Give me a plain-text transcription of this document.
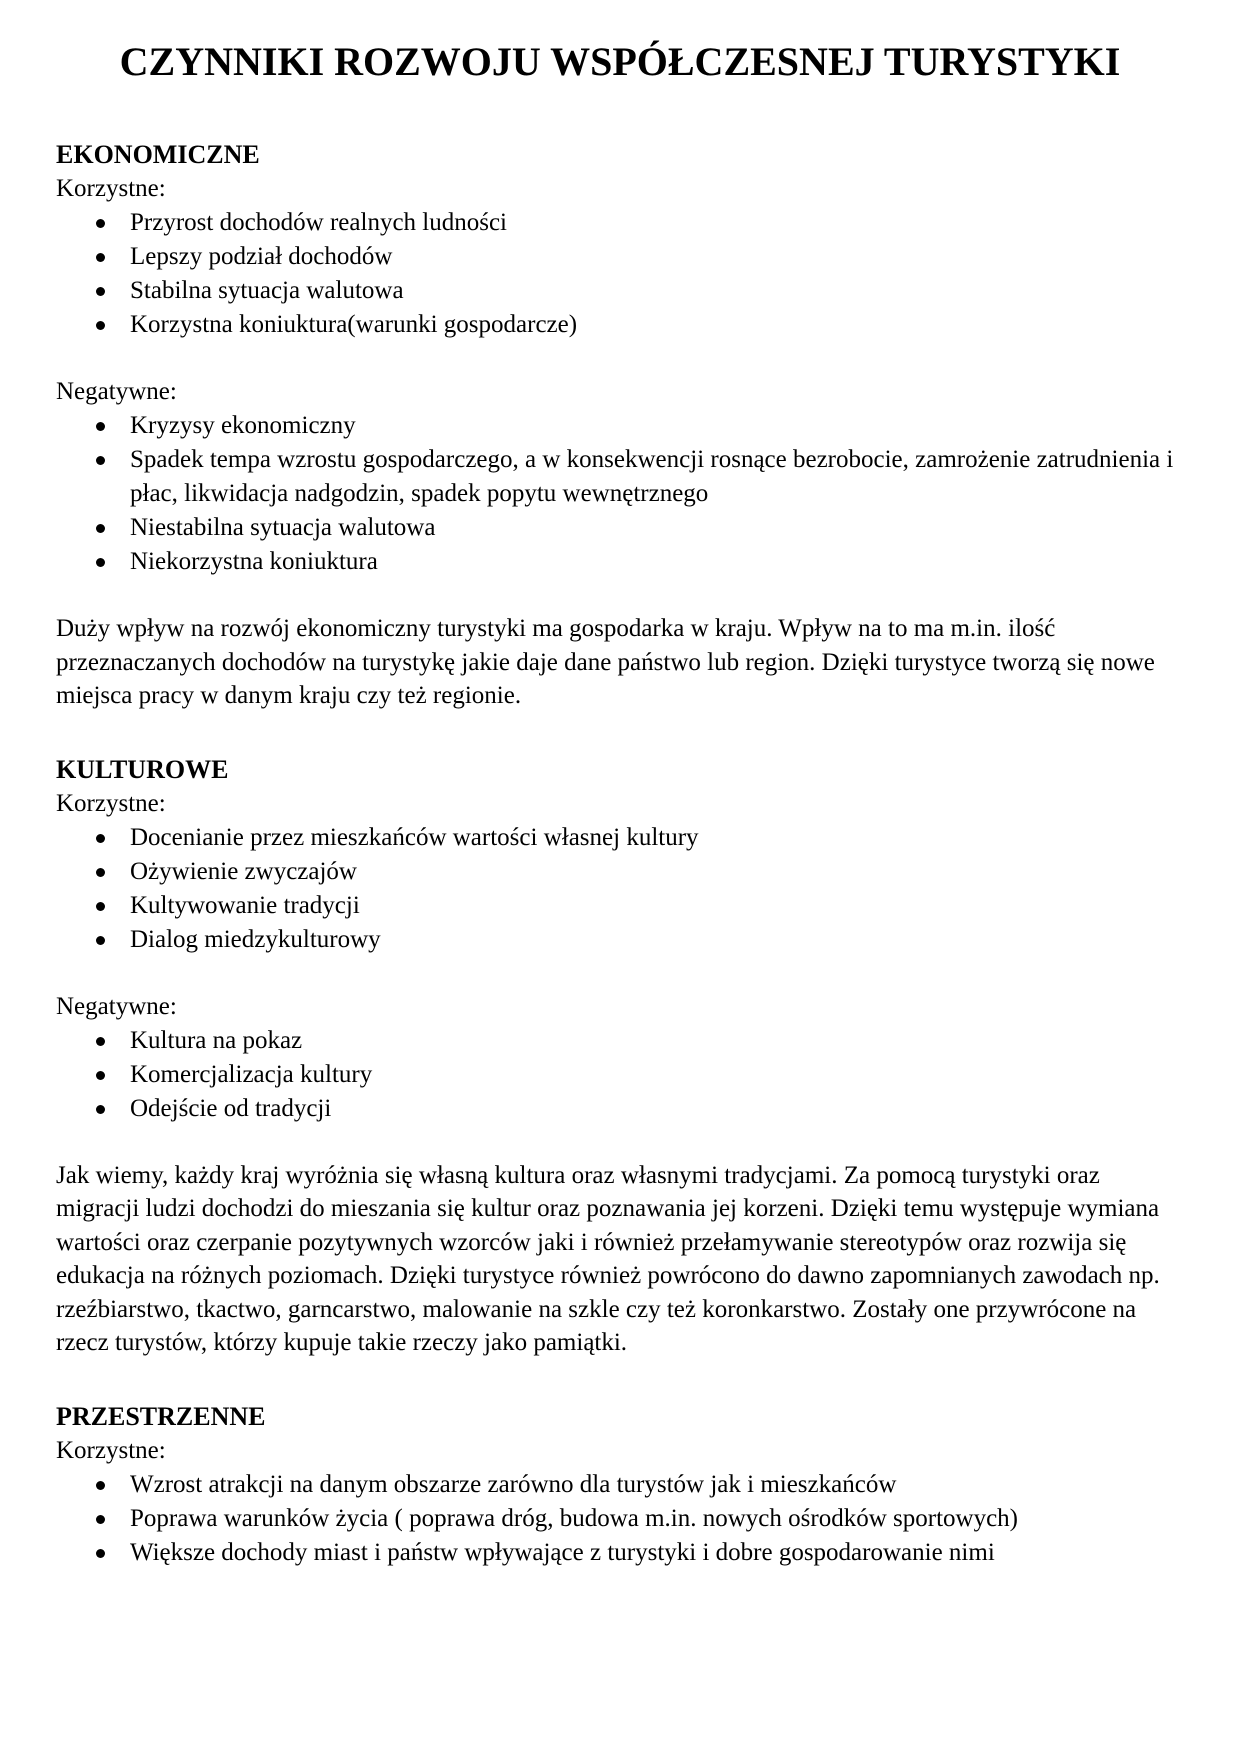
CZYNNIKI ROZWOJU WSPÓŁCZESNEJ TURYSTYKI
EKONOMICZNE
Korzystne:
Przyrost dochodów realnych ludności
Lepszy podział dochodów
Stabilna sytuacja walutowa
Korzystna koniuktura(warunki gospodarcze)
Negatywne:
Kryzysy ekonomiczny
Spadek tempa wzrostu gospodarczego, a w konsekwencji rosnące bezrobocie, zamrożenie zatrudnienia i płac, likwidacja nadgodzin, spadek popytu wewnętrznego
Niestabilna sytuacja walutowa
Niekorzystna koniuktura

Duży wpływ na rozwój ekonomiczny turystyki ma gospodarka w kraju. Wpływ na to ma m.in. ilość przeznaczanych dochodów na turystykę jakie daje dane państwo lub region. Dzięki turystyce tworzą się nowe miejsca pracy w danym kraju czy też regionie.

KULTUROWE
Korzystne:
Docenianie przez mieszkańców wartości własnej kultury
Ożywienie zwyczajów
Kultywowanie tradycji
Dialog miedzykulturowy
Negatywne:
Kultura na pokaz
Komercjalizacja kultury
Odejście od tradycji

Jak wiemy, każdy kraj wyróżnia się własną kultura oraz własnymi tradycjami. Za pomocą turystyki oraz migracji ludzi dochodzi do mieszania się kultur oraz poznawania jej korzeni. Dzięki temu występuje wymiana wartości oraz czerpanie pozytywnych wzorców jaki i również przełamywanie stereotypów oraz rozwija się edukacja na różnych poziomach. Dzięki turystyce również powrócono do dawno zapomnianych zawodach np. rzeźbiarstwo, tkactwo, garncarstwo, malowanie na szkle czy też koronkarstwo. Zostały one przywrócone na rzecz turystów, którzy kupuje takie rzeczy jako pamiątki.

PRZESTRZENNE
Korzystne:
Wzrost atrakcji na danym obszarze zarówno dla turystów jak i mieszkańców
Poprawa warunków życia ( poprawa dróg, budowa m.in. nowych ośrodków sportowych)
Większe dochody miast i państw wpływające z turystyki i dobre gospodarowanie nimi
